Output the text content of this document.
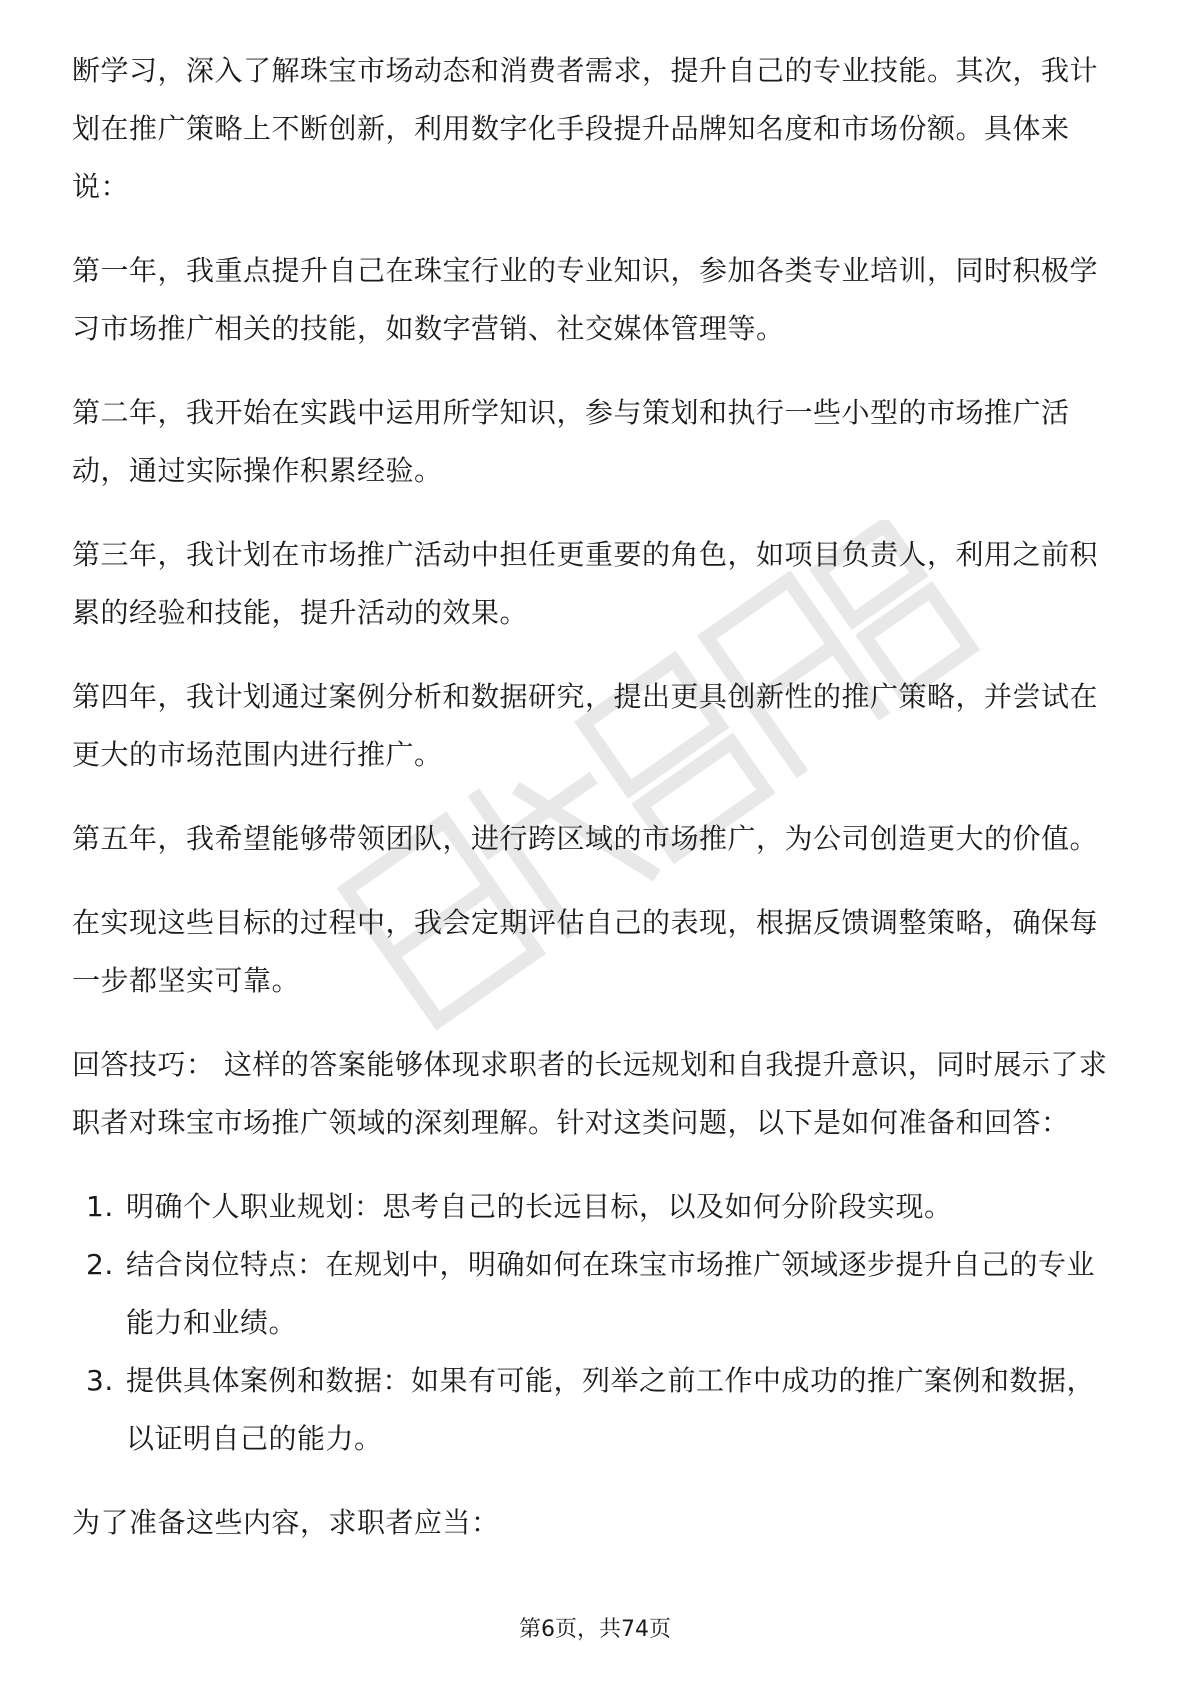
断学习，深入了解珠宝市场动态和消费者需求，提升自己的专业技能。其次，我计划在推广策略上不断创新，利用数字化手段提升品牌知名度和市场份额。具体来说：

第一年，我重点提升自己在珠宝行业的专业知识，参加各类专业培训，同时积极学习市场推广相关的技能，如数字营销、社交媒体管理等。

第二年，我开始在实践中运用所学知识，参与策划和执行一些小型的市场推广活动，通过实际操作积累经验。

第三年，我计划在市场推广活动中担任更重要的角色，如项目负责人，利用之前积累的经验和技能，提升活动的效果。

第四年，我计划通过案例分析和数据研究，提出更具创新性的推广策略，并尝试在更大的市场范围内进行推广。

第五年，我希望能够带领团队，进行跨区域的市场推广，为公司创造更大的价值。

在实现这些目标的过程中，我会定期评估自己的表现，根据反馈调整策略，确保每一步都坚实可靠。

回答技巧： 这样的答案能够体现求职者的长远规划和自我提升意识，同时展示了求职者对珠宝市场推广领域的深刻理解。针对这类问题，以下是如何准备和回答：

1. 明确个人职业规划：思考自己的长远目标，以及如何分阶段实现。
2. 结合岗位特点：在规划中，明确如何在珠宝市场推广领域逐步提升自己的专业能力和业绩。
3. 提供具体案例和数据：如果有可能，列举之前工作中成功的推广案例和数据，以证明自己的能力。

为了准备这些内容，求职者应当：

第6页，共74页
